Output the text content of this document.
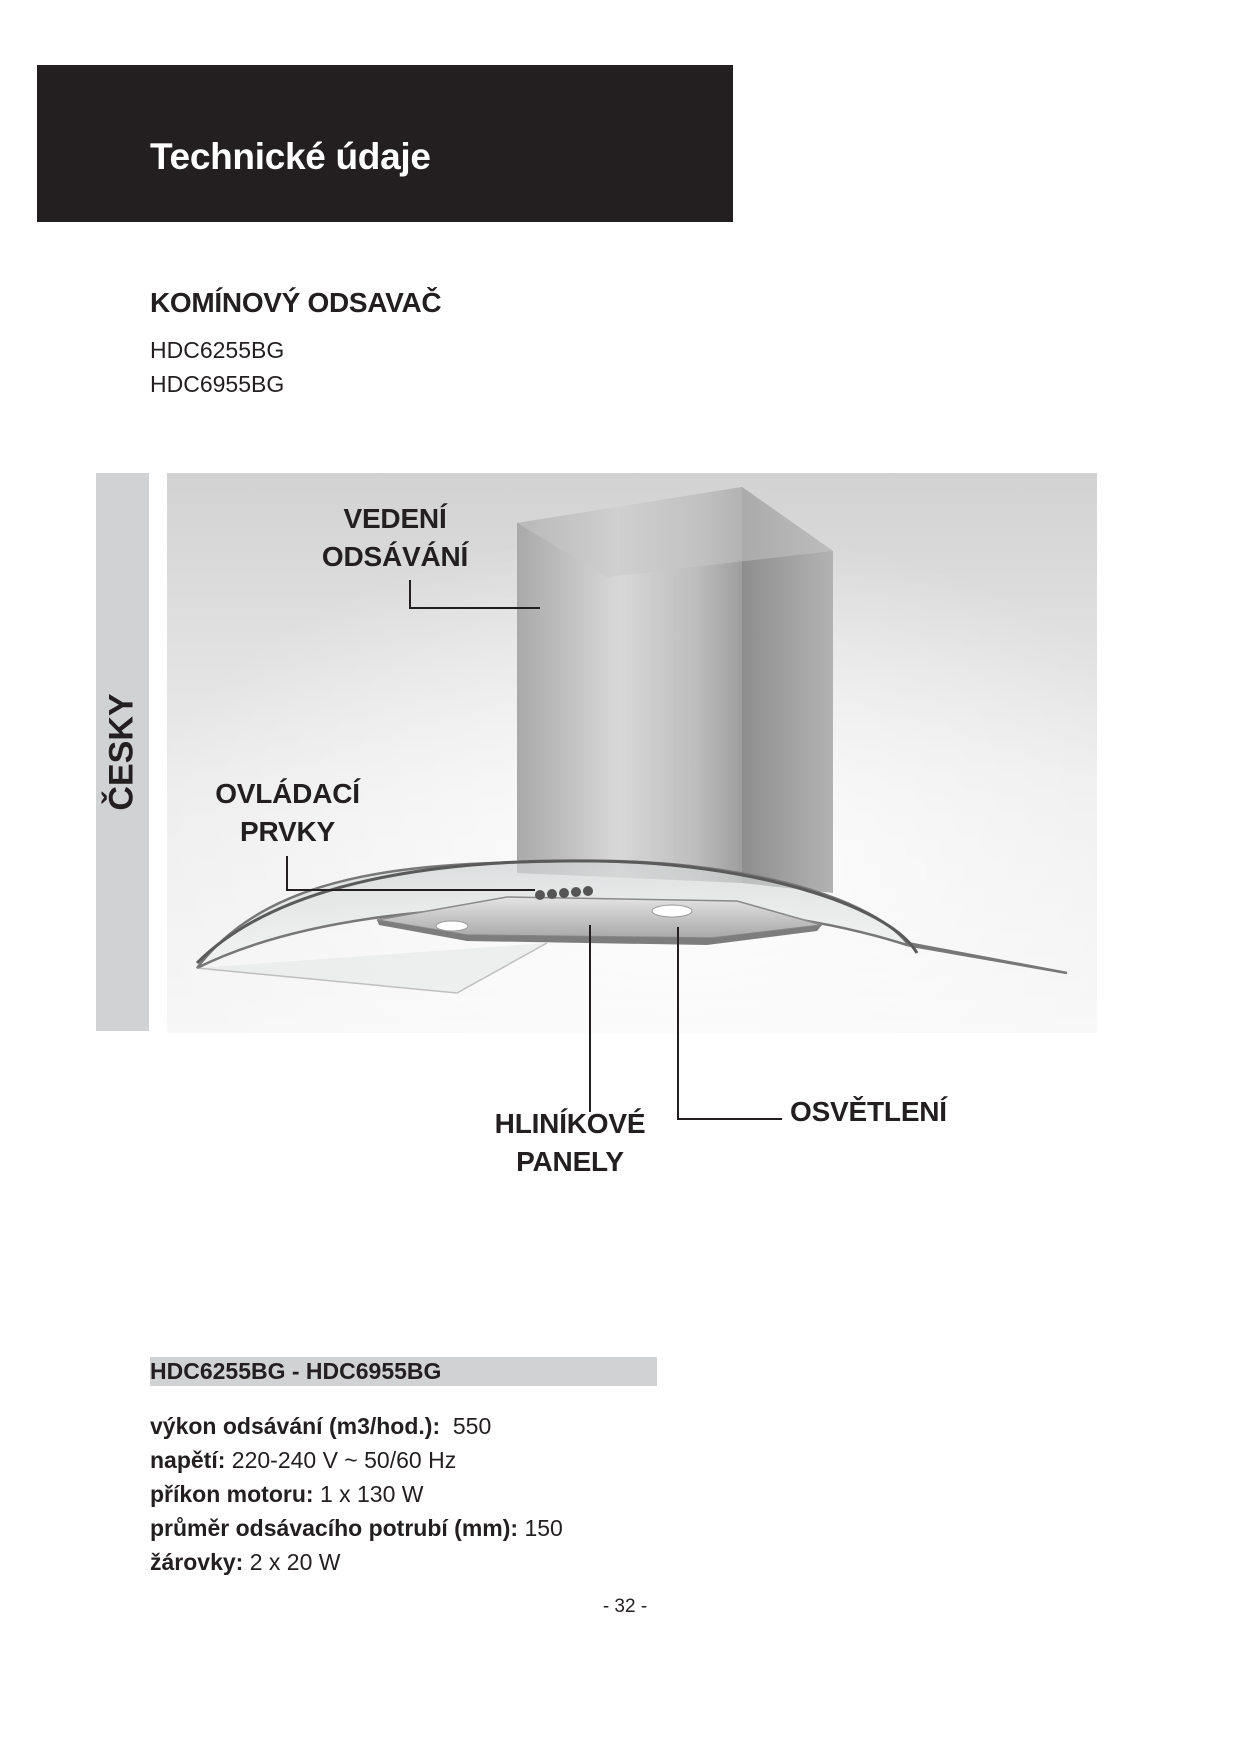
Technické údaje
KOMÍNOVÝ ODSAVAČ
HDC6255BG
HDC6955BG
ČESKY
VEDENÍ
ODSÁVÁNÍ
OVLÁDACÍ
PRVKY
HLINÍKOVÉ
PANELY
OSVĚTLENÍ
HDC6255BG - HDC6955BG
výkon odsávání (m3/hod.): 550
napětí: 220-240 V ~ 50/60 Hz
příkon motoru: 1 x 130 W
průměr odsávacího potrubí (mm): 150
žárovky: 2 x 20 W
- 32 -
